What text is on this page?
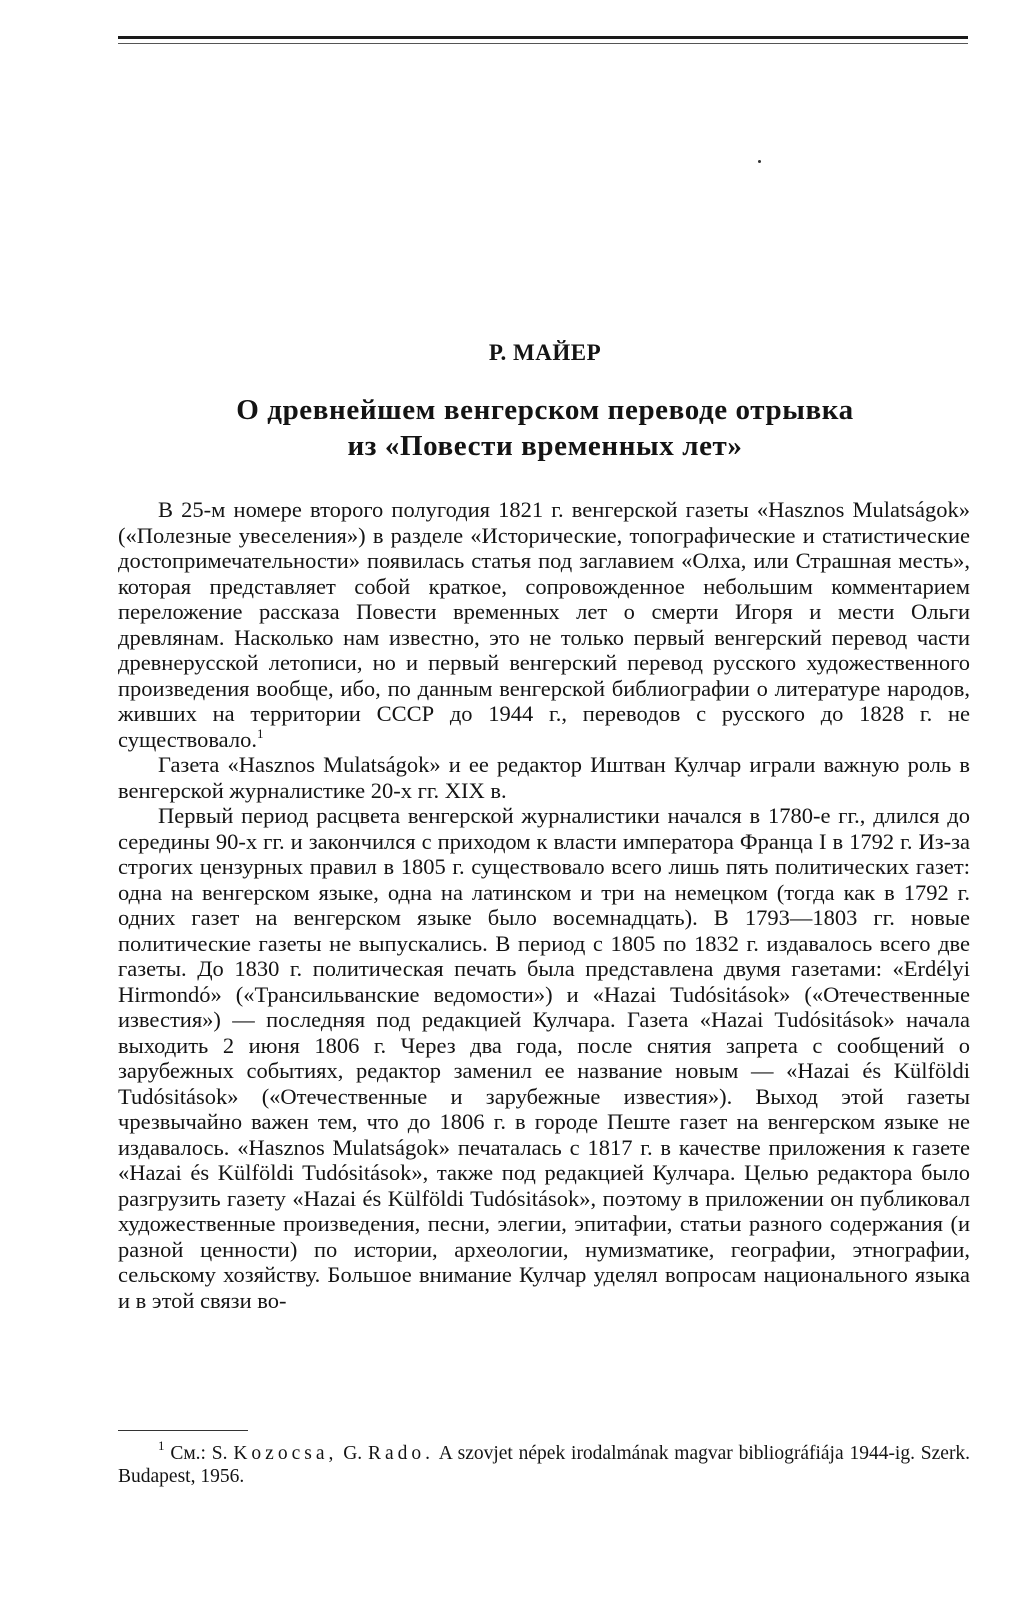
Р. МАЙЕР
О древнейшем венгерском переводе отрывка
из «Повести временных лет»

В 25-м номере второго полугодия 1821 г. венгерской газеты «Hasznos Mulatságok» («Полезные увеселения») в разделе «Исторические, топографические и статистические достопримечательности» появилась статья под заглавием «Олха, или Страшная месть», которая представляет собой краткое, сопровожденное небольшим комментарием переложение рассказа Повести временных лет о смерти Игоря и мести Ольги древлянам. Насколько нам известно, это не только первый венгерский перевод части древнерусской летописи, но и первый венгерский перевод русского художественного произведения вообще, ибо, по данным венгерской библиографии о литературе народов, живших на территории СССР до 1944 г., переводов с русского до 1828 г. не существовало.$^1$

Газета «Hasznos Mulatságok» и ее редактор Иштван Кулчар играли важную роль в венгерской журналистике 20-х гг. XIX в.

Первый период расцвета венгерской журналистики начался в 1780-е гг., длился до середины 90-х гг. и закончился с приходом к власти императора Франца I в 1792 г. Из-за строгих цензурных правил в 1805 г. существовало всего лишь пять политических газет: одна на венгерском языке, одна на латинском и три на немецком (тогда как в 1792 г. одних газет на венгерском языке было восемнадцать). В 1793—1803 гг. новые политические газеты не выпускались. В период с 1805 по 1832 г. издавалось всего две газеты. До 1830 г. политическая печать была представлена двумя газетами: «Erdélyi Hirmondó» («Трансильванские ведомости») и «Hazai Tudósitások» («Отечественные известия») — последняя под редакцией Кулчара. Газета «Hazai Tudósitások» начала выходить 2 июня 1806 г. Через два года, после снятия запрета с сообщений о зарубежных событиях, редактор заменил ее название новым — «Hazai és Külföldi Tudósitások» («Отечественные и зарубежные известия»). Выход этой газеты чрезвычайно важен тем, что до 1806 г. в городе Пеште газет на венгерском языке не издавалось. «Hasznos Mulatságok» печаталась с 1817 г. в качестве приложения к газете «Hazai és Külföldi Tudósitások», также под редакцией Кулчара. Целью редактора было разгрузить газету «Hazai és Külföldi Tudósitások», поэтому в приложении он публиковал художественные произведения, песни, элегии, эпитафии, статьи разного содержания (и разной ценности) по истории, археологии, нумизматике, географии, этнографии, сельскому хозяйству. Большое внимание Кулчар уделял вопросам национального языка и в этой связи во-

$^1$ См.: S. Kozocsa, G. Rado. A szovjet népek irodalmának magvar bibliográfiája 1944-ig. Szerk. Budapest, 1956.
